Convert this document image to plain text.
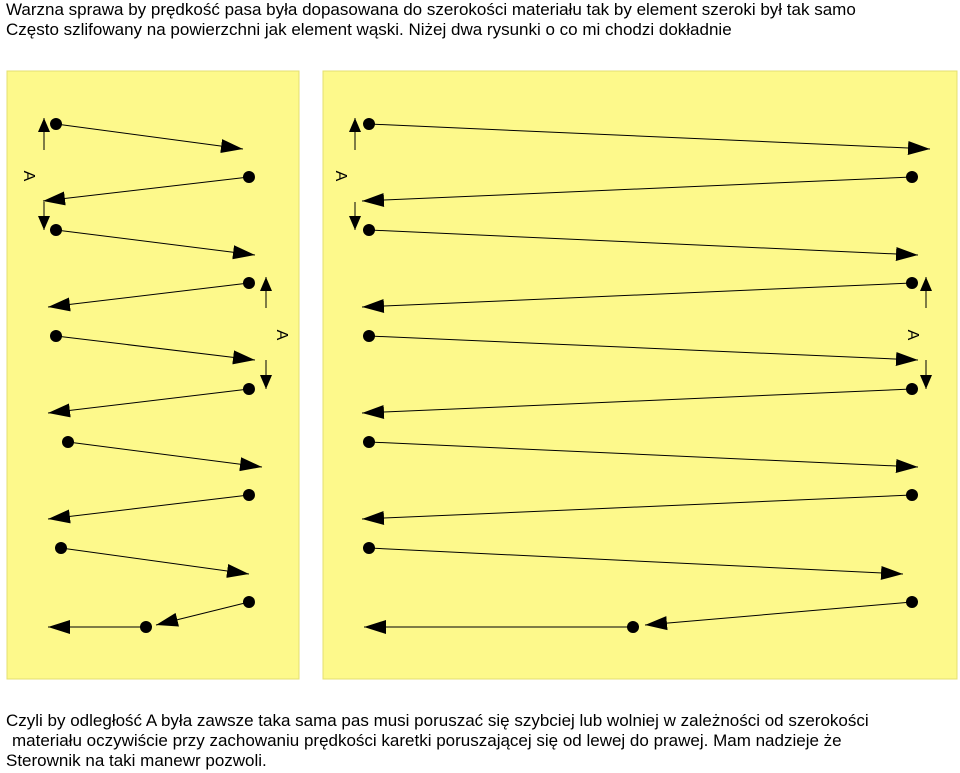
Warzna sprawa by prędkość pasa była dopasowana do szerokości materiału tak by element szeroki był tak samo
Często szlifowany na powierzchni jak element wąski. Niżej dwa rysunki o co mi chodzi dokładnie
A
A
A
A
Czyli by odległość A była zawsze taka sama pas musi poruszać się szybciej lub wolniej w zależności od szerokości
materiału oczywiście przy zachowaniu prędkości karetki poruszającej się od lewej do prawej. Mam nadzieje że
Sterownik na taki manewr pozwoli.
